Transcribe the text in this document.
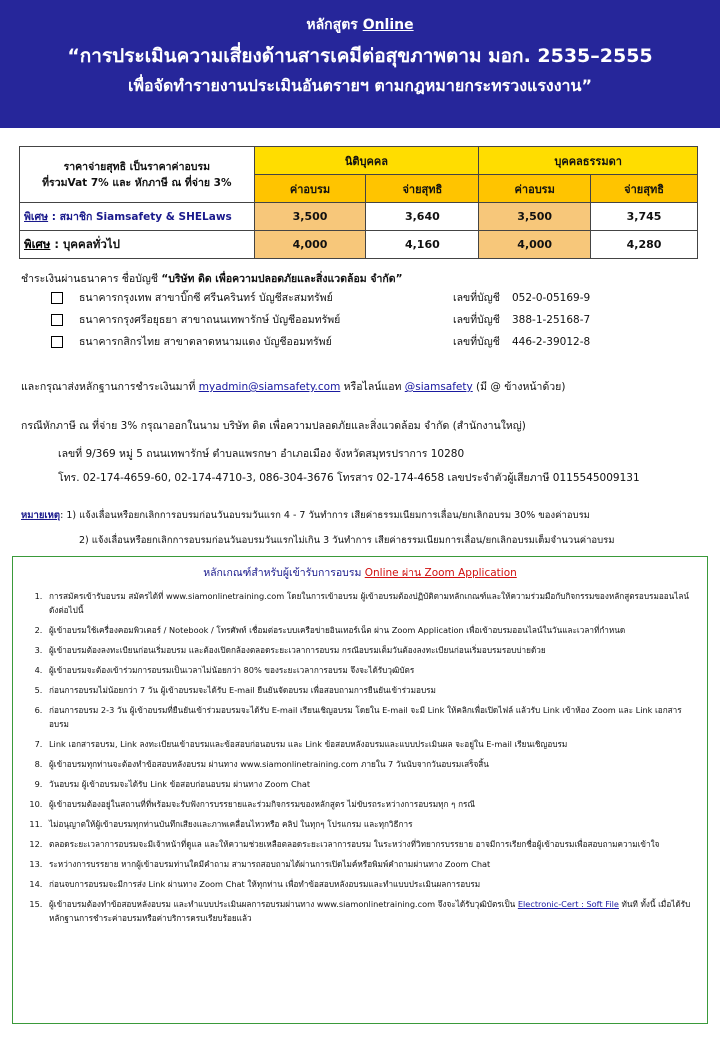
หลักสูตร Online
“การประเมินความเสี่ยงด้านสารเคมีต่อสุขภาพตาม มอก. 2535–2555
เพื่อจัดทำรายงานประเมินอันตรายฯ ตามกฎหมายกระทรวงแรงงาน”
ราคาจ่ายสุทธิ เป็นราคาค่าอบรม
ที่รวมVat 7% และ หักภาษี ณ ที่จ่าย 3%	นิติบุคคล		บุคคลธรรมดา	
	ค่าอบรม	จ่ายสุทธิ	ค่าอบรม	จ่ายสุทธิ
พิเศษ : สมาชิก Siamsafety & SHELaws	3,500	3,640	3,500	3,745
พิเศษ : บุคคลทั่วไป	4,000	4,160	4,000	4,280
ชำระเงินผ่านธนาคาร ชื่อบัญชี “บริษัท ดิด เพื่อความปลอดภัยและสิ่งแวดล้อม จำกัด”
ธนาคารกรุงเทพ สาขาบิ๊กซี ศรีนครินทร์ บัญชีสะสมทรัพย์	เลขที่บัญชี 052-0-05169-9
ธนาคารกรุงศรีอยุธยา สาขาถนนเทพารักษ์ บัญชีออมทรัพย์	เลขที่บัญชี 388-1-25168-7
ธนาคารกสิกรไทย สาขาตลาดหนามแดง บัญชีออมทรัพย์	เลขที่บัญชี 446-2-39012-8
และกรุณาส่งหลักฐานการชำระเงินมาที่ myadmin@siamsafety.com หรือไลน์แอท @siamsafety (มี @ ข้างหน้าด้วย)
กรณีหักภาษี ณ ที่จ่าย 3% กรุณาออกในนาม บริษัท ดิด เพื่อความปลอดภัยและสิ่งแวดล้อม จำกัด (สำนักงานใหญ่)
เลขที่ 9/369 หมู่ 5 ถนนเทพารักษ์ ตำบลแพรกษา อำเภอเมือง จังหวัดสมุทรปราการ 10280
โทร. 02-174-4659-60, 02-174-4710-3, 086-304-3676 โทรสาร 02-174-4658 เลขประจำตัวผู้เสียภาษี 0115545009131
หมายเหตุ: 1) แจ้งเลื่อนหรือยกเลิกการอบรมก่อนวันอบรมวันแรก 4 - 7 วันทำการ เสียค่าธรรมเนียมการเลื่อน/ยกเลิกอบรม 30% ของค่าอบรม
2) แจ้งเลื่อนหรือยกเลิกการอบรมก่อนวันอบรมวันแรกไม่เกิน 3 วันทำการ เสียค่าธรรมเนียมการเลื่อน/ยกเลิกอบรมเต็มจำนวนค่าอบรม
หลักเกณฑ์สำหรับผู้เข้ารับการอบรม Online ผ่าน Zoom Application
1. การสมัครเข้ารับอบรม สมัครได้ที่ www.siamonlinetraining.com โดยในการเข้าอบรม ผู้เข้าอบรมต้องปฏิบัติตามหลักเกณฑ์และให้ความร่วมมือกับกิจกรรมของหลักสูตรอบรมออนไลน์ ดังต่อไปนี้
2. ผู้เข้าอบรมใช้เครื่องคอมพิวเตอร์ / Notebook / โทรศัพท์ เชื่อมต่อระบบเครือข่ายอินเทอร์เน็ต ผ่าน Zoom Application เพื่อเข้าอบรมออนไลน์ในวันและเวลาที่กำหนด
3. ผู้เข้าอบรมต้องลงทะเบียนก่อนเริ่มอบรม และต้องเปิดกล้องตลอดระยะเวลาการอบรม กรณีอบรมเต็มวันต้องลงทะเบียนก่อนเริ่มอบรมรอบบ่ายด้วย
4. ผู้เข้าอบรมจะต้องเข้าร่วมการอบรมเป็นเวลาไม่น้อยกว่า 80% ของระยะเวลาการอบรม จึงจะได้รับวุฒิบัตร
5. ก่อนการอบรมไม่น้อยกว่า 7 วัน ผู้เข้าอบรมจะได้รับ E-mail ยืนยันจัดอบรม เพื่อสอบถามการยืนยันเข้าร่วมอบรม
6. ก่อนการอบรม 2-3 วัน ผู้เข้าอบรมที่ยืนยันเข้าร่วมอบรมจะได้รับ E-mail เรียนเชิญอบรม โดยใน E-mail จะมี Link ให้คลิกเพื่อเปิดไฟล์ แล้วรับ Link เข้าห้อง Zoom และ Link เอกสารอบรม
7. Link เอกสารอบรม, Link ลงทะเบียนเข้าอบรมและข้อสอบก่อนอบรม และ Link ข้อสอบหลังอบรมและแบบประเมินผล จะอยู่ใน E-mail เรียนเชิญอบรม
8. ผู้เข้าอบรมทุกท่านจะต้องทำข้อสอบหลังอบรม ผ่านทาง www.siamonlinetraining.com ภายใน 7 วันนับจากวันอบรมเสร็จสิ้น
9. วันอบรม ผู้เข้าอบรมจะได้รับ Link ข้อสอบก่อนอบรม ผ่านทาง Zoom Chat
10. ผู้เข้าอบรมต้องอยู่ในสถานที่ที่พร้อมจะรับฟังการบรรยายและร่วมกิจกรรมของหลักสูตร ไม่ขับรถระหว่างการอบรมทุก ๆ กรณี
11. ไม่อนุญาตให้ผู้เข้าอบรมทุกท่านบันทึกเสียงและภาพเคลื่อนไหวหรือ คลิป ในทุกๆ โปรแกรม และทุกวิธีการ
12. ตลอดระยะเวลาการอบรมจะมีเจ้าหน้าที่ดูแล และให้ความช่วยเหลือตลอดระยะเวลาการอบรม ในระหว่างที่วิทยากรบรรยาย อาจมีการเรียกชื่อผู้เข้าอบรมเพื่อสอบถามความเข้าใจ
13. ระหว่างการบรรยาย หากผู้เข้าอบรมท่านใดมีคำถาม สามารถสอบถามได้ผ่านการเปิดไมค์หรือพิมพ์คำถามผ่านทาง Zoom Chat
14. ก่อนจบการอบรมจะมีการส่ง Link ผ่านทาง Zoom Chat ให้ทุกท่าน เพื่อทำข้อสอบหลังอบรมและทำแบบประเมินผลการอบรม
15. ผู้เข้าอบรมต้องทำข้อสอบหลังอบรม และทำแบบประเมินผลการอบรมผ่านทาง www.siamonlinetraining.com จึงจะได้รับวุฒิบัตรเป็น Electronic-Cert : Soft File ทันที ทั้งนี้ เมื่อได้รับหลักฐานการชำระค่าอบรมหรือค่าบริการครบเรียบร้อยแล้ว
